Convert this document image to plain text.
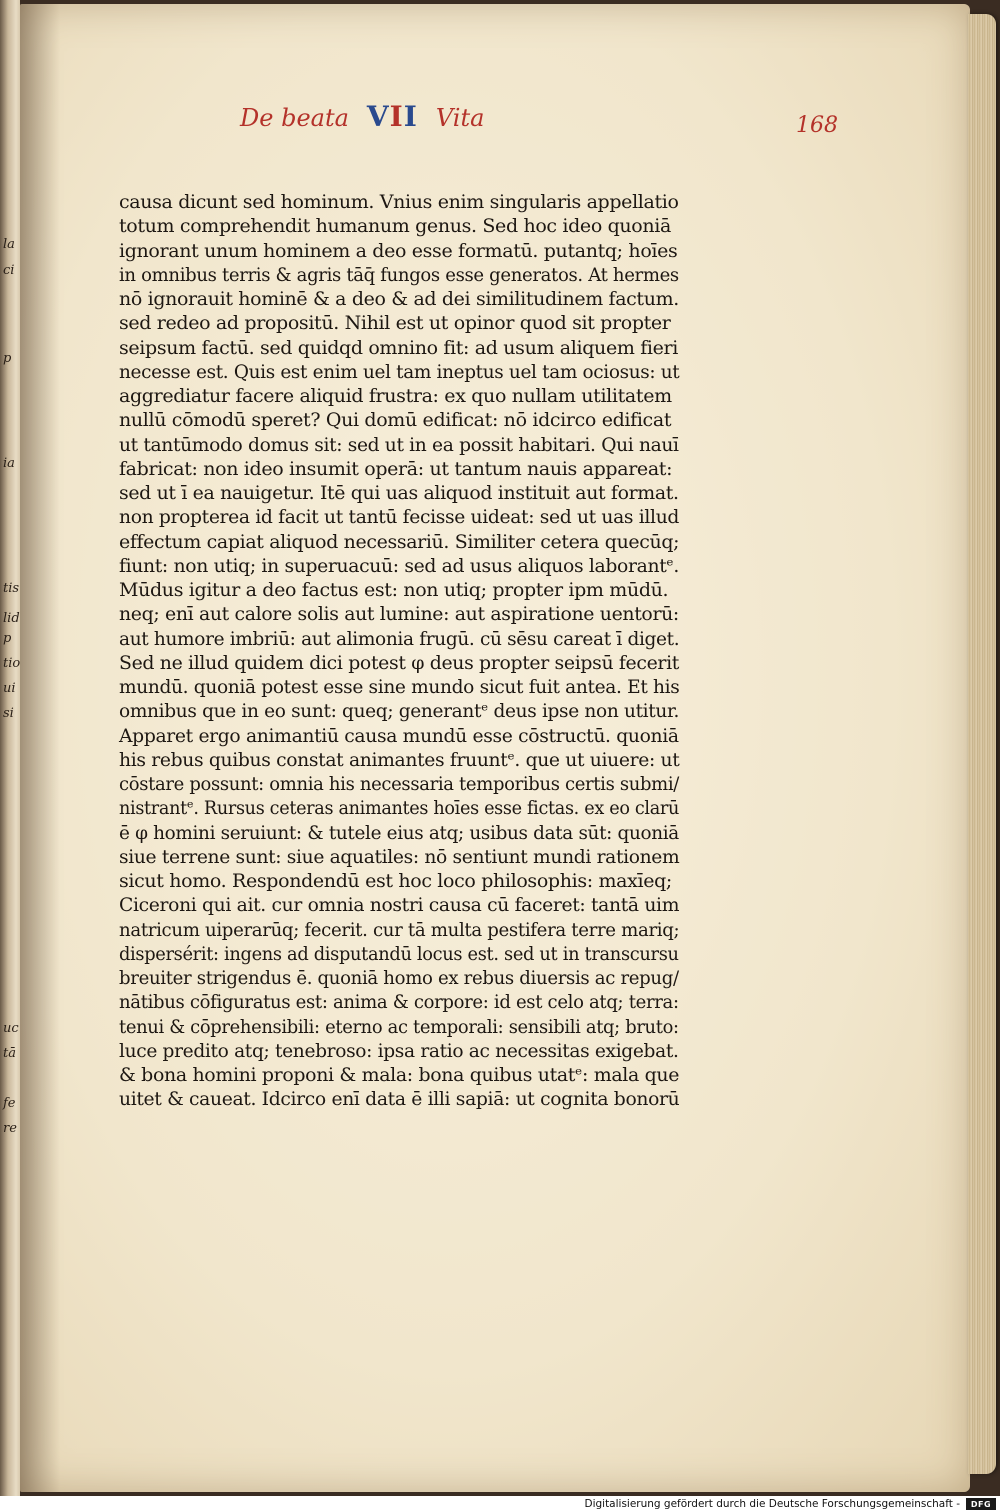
la
ci
p
ia
tis
lid
p
tio
ui
si
uc
tā
fe
re
De beata VII Vita	168
causa dicunt sed hominum. Vnius enim singularis appellatio
totum comprehendit humanum genus. Sed hoc ideo quoniā
ignorant unum hominem a deo esse formatū. putantq; hoīes
in omnibus terris & agris tāq̄ fungos esse generatos. At hermes
nō ignorauit hominē & a deo & ad dei similitudinem factum.
sed redeo ad propositū. Nihil est ut opinor quod sit propter
seipsum factū. sed quidqd omnino fit: ad usum aliquem fieri
necesse est. Quis est enim uel tam ineptus uel tam ociosus: ut
aggrediatur facere aliquid frustra: ex quo nullam utilitatem
nullū cōmodū speret? Qui domū edificat: nō idcirco edificat
ut tantūmodo domus sit: sed ut in ea possit habitari. Qui nauī
fabricat: non ideo insumit operā: ut tantum nauis appareat:
sed ut ī ea nauigetur. Itē qui uas aliquod instituit aut format.
non propterea id facit ut tantū fecisse uideat: sed ut uas illud
effectum capiat aliquod necessariū. Similiter cetera quecūq;
fiunt: non utiq; in superuacuū: sed ad usus aliquos laborantᵉ.
Mūdus igitur a deo factus est: non utiq; propter ipm mūdū.
neq; enī aut calore solis aut lumine: aut aspiratione uentorū:
aut humore imbriū: aut alimonia frugū. cū sēsu careat ī diget.
Sed ne illud quidem dici potest φ deus propter seipsū fecerit
mundū. quoniā potest esse sine mundo sicut fuit antea. Et his
omnibus que in eo sunt: queq; generantᵉ deus ipse non utitur.
Apparet ergo animantiū causa mundū esse cōstructū. quoniā
his rebus quibus constat animantes fruuntᵉ. que ut uiuere: ut
cōstare possunt: omnia his necessaria temporibus certis submi/
nistrantᵉ. Rursus ceteras animantes hoīes esse fictas. ex eo clarū
ē φ homini seruiunt: & tutele eius atq; usibus data sūt: quoniā
siue terrene sunt: siue aquatiles: nō sentiunt mundi rationem
sicut homo. Respondendū est hoc loco philosophis: maxīeq;
Ciceroni qui ait. cur omnia nostri causa cū faceret: tantā uim
natricum uiperarūq; fecerit. cur tā multa pestifera terre mariq;
dispersérit: ingens ad disputandū locus est. sed ut in transcursu
breuiter strigendus ē. quoniā homo ex rebus diuersis ac repug/
nātibus cōfiguratus est: anima & corpore: id est celo atq; terra:
tenui & cōprehensibili: eterno ac temporali: sensibili atq; bruto:
luce predito atq; tenebroso: ipsa ratio ac necessitas exigebat.
& bona homini proponi & mala: bona quibus utatᵉ: mala que
uitet & caueat. Idcirco enī data ē illi sapiā: ut cognita bonorū
Digitalisierung gefördert durch die Deutsche Forschungsgemeinschaft -	DFG
